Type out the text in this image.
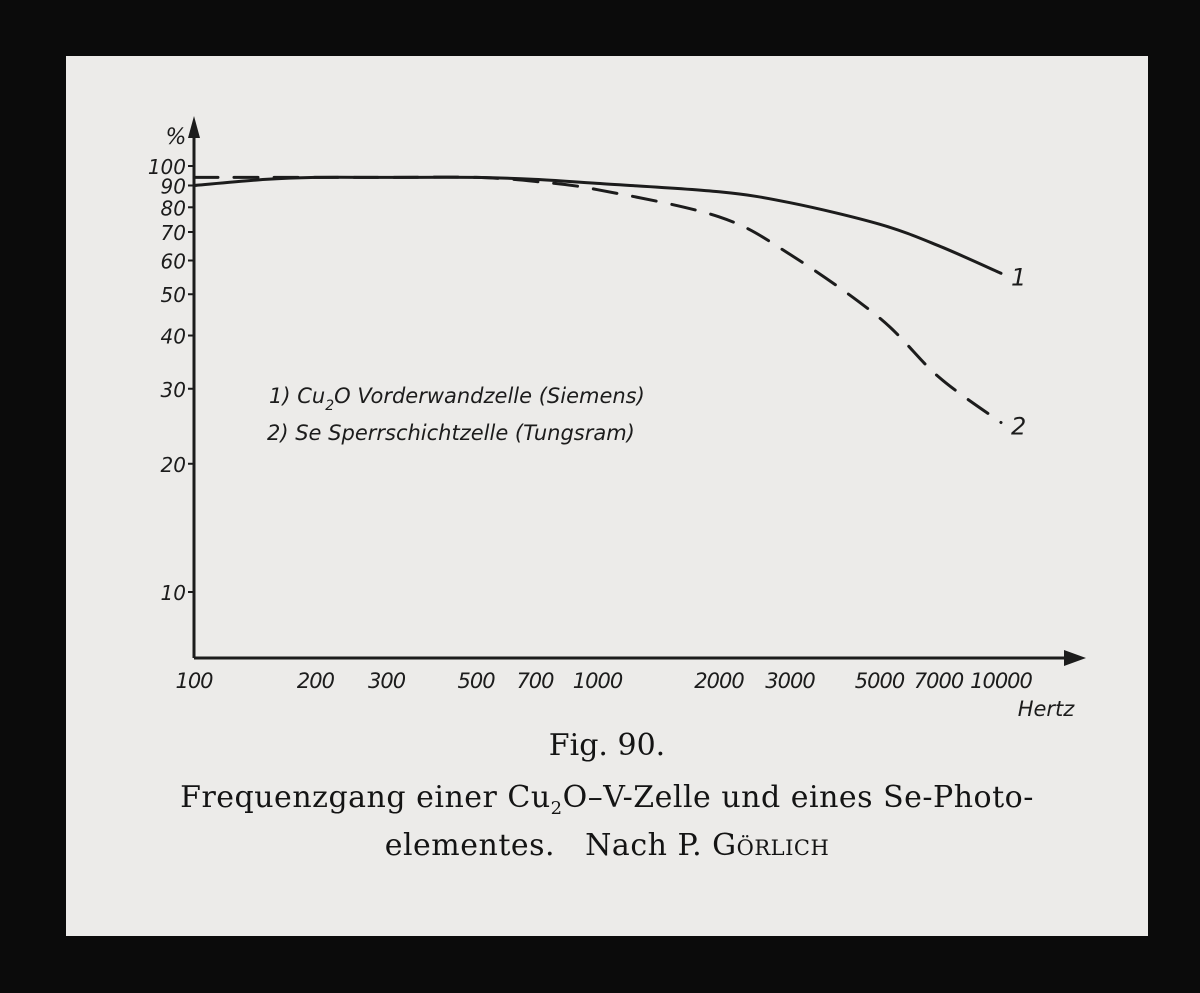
100
90
80
70
60
50
40
30
20
10
100	200 300 500 700 1000	2000 3000 5000 7000 10000
1
2
Hertz
%
1) $Cu_2O$ Vorderwandzelle (Siemens)
2) Se Sperrschichtzelle (Tungsram)
Fig. 90.
Frequenzgang einer $Cu_2O-V$-Zelle und eines Se-Photo-
elementes.   Nach P. Görlich
